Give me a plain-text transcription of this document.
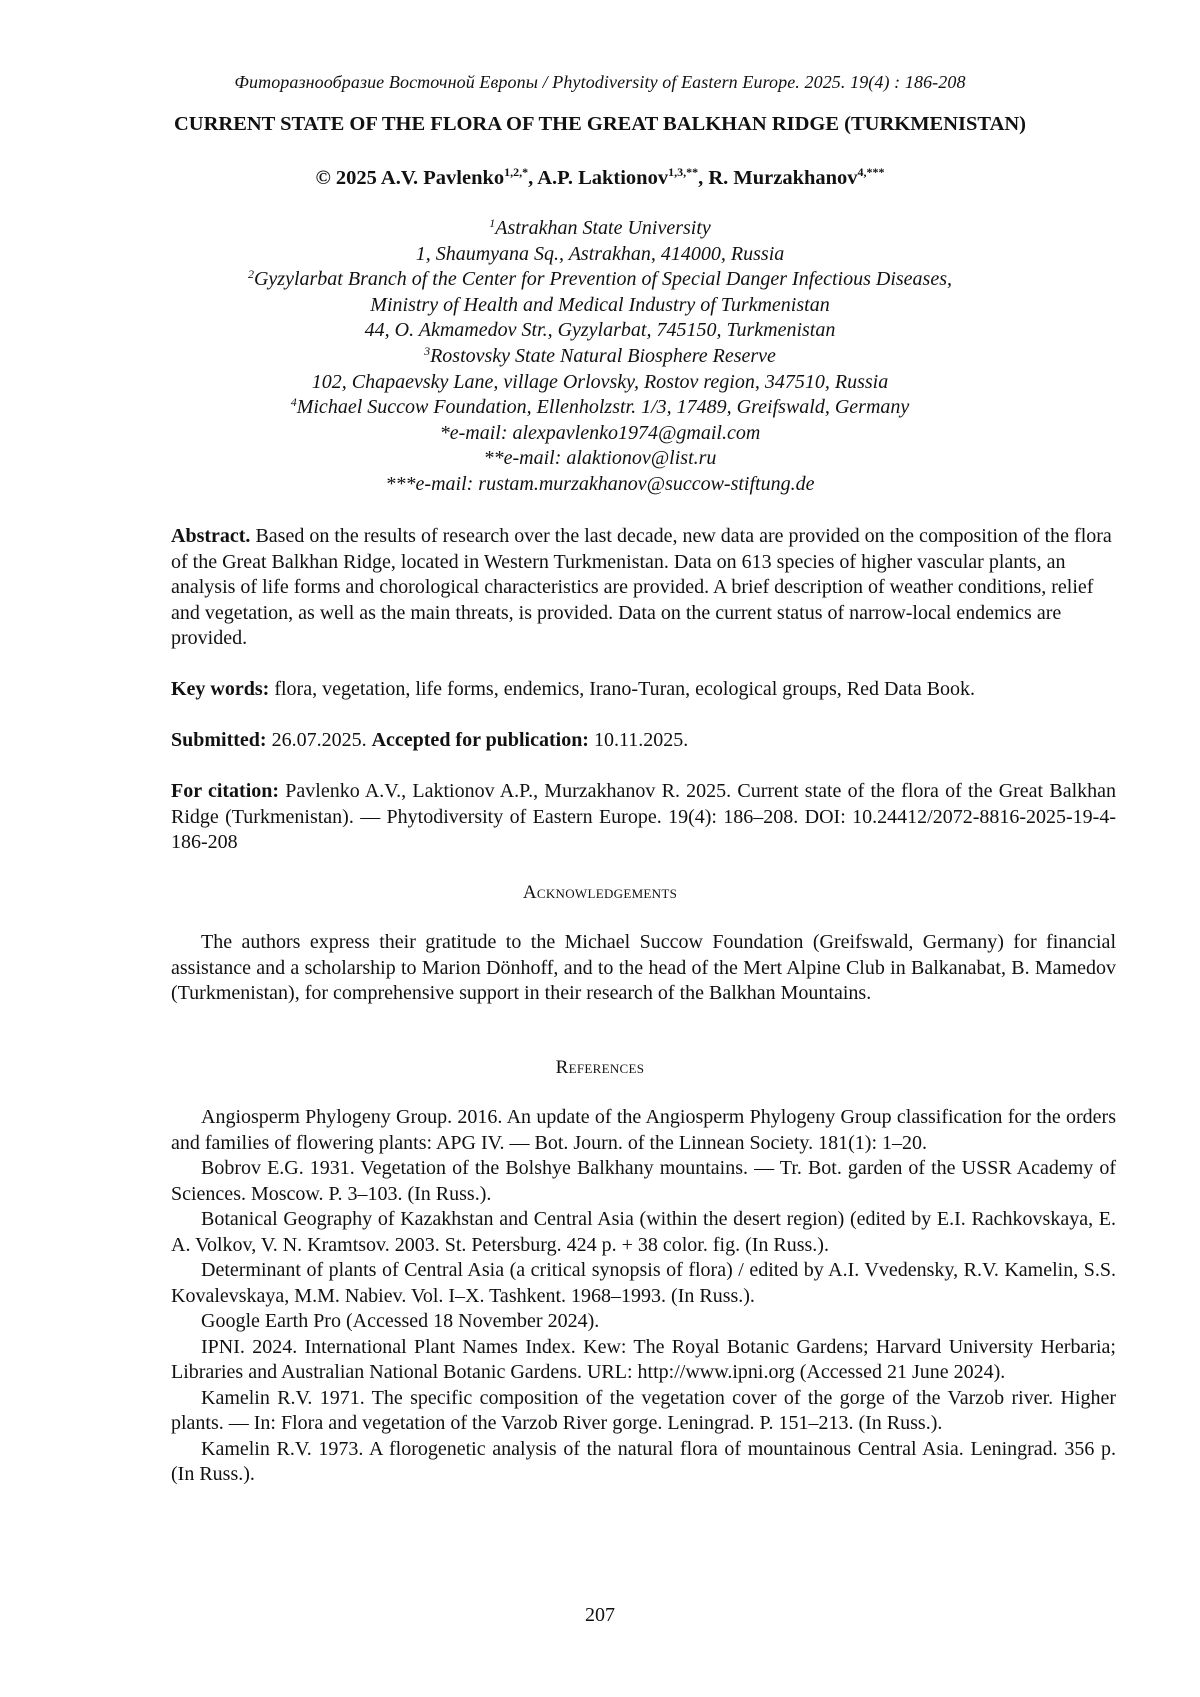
Фиторазнообразие Восточной Европы / Phytodiversity of Eastern Europe. 2025. 19(4) : 186-208
CURRENT STATE OF THE FLORA OF THE GREAT BALKHAN RIDGE (TURKMENISTAN)
© 2025 A.V. Pavlenko$^{1,2,*}$, A.P. Laktionov$^{1,3,**}$, R. Murzakhanov$^{4,***}$
$^1$Astrakhan State University
1, Shaumyana Sq., Astrakhan, 414000, Russia
$^2$Gyzylarbat Branch of the Center for Prevention of Special Danger Infectious Diseases,
Ministry of Health and Medical Industry of Turkmenistan
44, O. Akmamedov Str., Gyzylarbat, 745150, Turkmenistan
$^3$Rostovsky State Natural Biosphere Reserve
102, Chapaevsky Lane, village Orlovsky, Rostov region, 347510, Russia
$^4$Michael Succow Foundation, Ellenholzstr. 1/3, 17489, Greifswald, Germany
*e-mail: alexpavlenko1974@gmail.com
**e-mail: alaktionov@list.ru
***e-mail: rustam.murzakhanov@succow-stiftung.de
Abstract. Based on the results of research over the last decade, new data are provided on the composition of the flora of the Great Balkhan Ridge, located in Western Turkmenistan. Data on 613 species of higher vascular plants, an analysis of life forms and chorological characteristics are provided. A brief description of weather conditions, relief and vegetation, as well as the main threats, is provided. Data on the current status of narrow-local endemics are provided.
Key words: flora, vegetation, life forms, endemics, Irano-Turan, ecological groups, Red Data Book.
Submitted: 26.07.2025. Accepted for publication: 10.11.2025.
For citation: Pavlenko A.V., Laktionov A.P., Murzakhanov R. 2025. Current state of the flora of the Great Balkhan Ridge (Turkmenistan). — Phytodiversity of Eastern Europe. 19(4): 186–208. DOI: 10.24412/2072-8816-2025-19-4-186-208
Acknowledgements
The authors express their gratitude to the Michael Succow Foundation (Greifswald, Germany) for financial assistance and a scholarship to Marion Dönhoff, and to the head of the Mert Alpine Club in Balkanabat, B. Mamedov (Turkmenistan), for comprehensive support in their research of the Balkhan Mountains.
References

Angiosperm Phylogeny Group. 2016. An update of the Angiosperm Phylogeny Group classification for the orders and families of flowering plants: APG IV. — Bot. Journ. of the Linnean Society. 181(1): 1–20.

Bobrov E.G. 1931. Vegetation of the Bolshye Balkhany mountains. — Tr. Bot. garden of the USSR Academy of Sciences. Moscow. P. 3–103. (In Russ.).

Botanical Geography of Kazakhstan and Central Asia (within the desert region) (edited by E.I. Rachkovskaya, E. A. Volkov, V. N. Kramtsov. 2003. St. Petersburg. 424 p. + 38 color. fig. (In Russ.).

Determinant of plants of Central Asia (a critical synopsis of flora) / edited by A.I. Vvedensky, R.V. Kamelin, S.S. Kovalevskaya, M.M. Nabiev. Vol. I–X. Tashkent. 1968–1993. (In Russ.).

Google Earth Pro (Accessed 18 November 2024).

IPNI. 2024. International Plant Names Index. Kew: The Royal Botanic Gardens; Harvard University Herbaria; Libraries and Australian National Botanic Gardens. URL: http://www.ipni.org (Accessed 21 June 2024).

Kamelin R.V. 1971. The specific composition of the vegetation cover of the gorge of the Varzob river. Higher plants. — In: Flora and vegetation of the Varzob River gorge. Leningrad. P. 151–213. (In Russ.).

Kamelin R.V. 1973. A florogenetic analysis of the natural flora of mountainous Central Asia. Leningrad. 356 p. (In Russ.).

207
